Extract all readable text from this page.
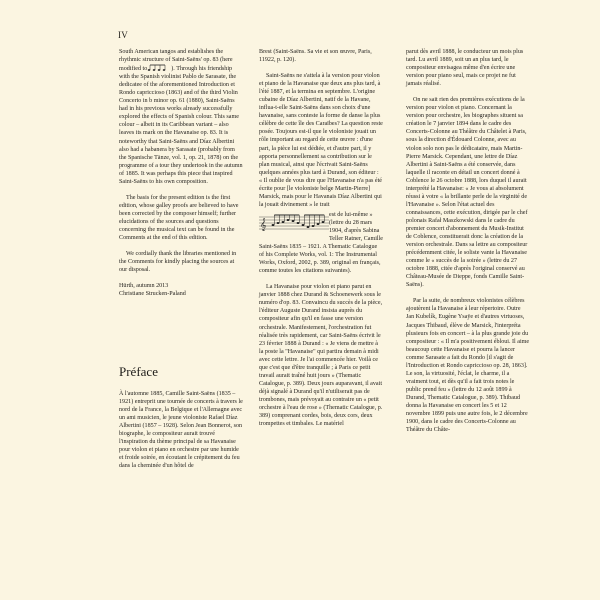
IV

South American tangos and establishes the rhythmic structure of Saint-Saëns' op. 83 (here modified to	). Through his friendship with the Spanish violinist Pablo de Sarasate, the dedicatee of the aforementioned Introduction et Rondo capriccioso (1863) and of the third Violin Concerto in b minor op. 61 (1880), Saint-Saëns had in his previous works already successfully explored the effects of Spanish colour. This same colour – albeit in its Caribbean variant – also leaves its mark on the Havanaise op. 83. It is noteworthy that Saint-Saëns and Díaz Albertini also had a habanera by Sarasate (probably from the Spanische Tänze, vol. 1, op. 21, 1878) on the programme of a tour they undertook in the autumn of 1885. It was perhaps this piece that inspired Saint-Saëns to his own composition.

The basis for the present edition is the first edition, whose galley proofs are believed to have been corrected by the composer himself; further elucidations of the sources and questions concerning the musical text can be found in the Comments at the end of this edition.

We cordially thank the libraries mentioned in the Comments for kindly placing the sources at our disposal.

Hürth, autumn 2013

Christiane Strucken-Paland

Préface

À l'automne 1885, Camille Saint-Saëns (1835 – 1921) entreprit une tournée de concerts à travers le nord de la France, la Belgique et l'Allemagne avec un ami musicien, le jeune violoniste Rafael Díaz Albertini (1857 – 1928). Selon Jean Bonnerot, son biographe, le compositeur aurait trouvé l'inspiration du thème principal de sa Havanaise pour violon et piano en orchestre par une humide et froide soirée, en écoutant le crépitement du feu dans la cheminée d'un hôtel de

Brest (Saint-Saëns. Sa vie et son œuvre, Paris, 11922, p. 120).

Saint-Saëns ne s'attela à la version pour violon et piano de la Havanaise que deux ans plus tard, à l'été 1887, et la termina en septembre. L'origine cubaine de Díaz Albertini, natif de la Havane, influa-t-elle Saint-Saëns dans son choix d'une havanaise, sans conteste la forme de danse la plus célèbre de cette île des Caraïbes? La question reste posée. Toujours est-il que le violoniste jouait un rôle important au regard de cette œuvre : d'une part, la pièce lui est dédiée, et d'autre part, il y apporta personnellement sa contribution sur le plan musical, ainsi que l'écrivait Saint-Saëns quelques années plus tard à Durand, son éditeur : « Il oublie de vous dire que l'Havanaise n'a pas été écrite pour [le violoniste belge Martin-Pierre] Marsick, mais pour le Havanais Díaz Albertini qui la jouait divinement » le trait

𝄞

est de lui-même » (lettre du 28 mars 1904, d'après Sabina Teller Ratner, Camille Saint-Saëns 1835 – 1921. A Thematic Catalogue of his Complete Works, vol. 1: The Instrumental Works, Oxford, 2002, p. 389, original en français, comme toutes les citations suivantes).

La Havanaise pour violon et piano parut en janvier 1888 chez Durand & Schoenewerk sous le numéro d'op. 83. Convaincu du succès de la pièce, l'éditeur Auguste Durand insista auprès du compositeur afin qu'il en fasse une version orchestrale. Manifestement, l'orchestration fut réalisée très rapidement, car Saint-Saëns écrivit le 23 février 1888 à Durand : « Je viens de mettre à la poste la "Havanaise" qui partira demain à midi avec cette lettre. Je l'ai commencée hier. Voilà ce que c'est que d'être tranquille ; à Paris ce petit travail aurait traîné huit jours » (Thematic Catalogue, p. 389). Deux jours auparavant, il avait déjà signalé à Durand qu'il n'utiliserait pas de trombones, mais prévoyait au contraire un « petit orchestre à l'eau de rose » (Thematic Catalogue, p. 389) comprenant cordes, bois, deux cors, deux trompettes et timbales. Le matériel

parut dès avril 1888, le conducteur un mois plus tard. Lu avril 1889, soit un an plus tard, le compositeur envisagea même d'en écrire une version pour piano seul, mais ce projet ne fut jamais réalisé.

On ne sait rien des premières exécutions de la version pour violon et piano. Concernant la version pour orchestre, les biographes situent sa création le 7 janvier 1894 dans le cadre des Concerts-Colonne au Théâtre du Châtelet à Paris, sous la direction d'Édouard Colonne, avec au violon solo non pas le dédicataire, mais Martin-Pierre Marsick. Cependant, une lettre de Díaz Albertini à Saint-Saëns a été conservée, dans laquelle il raconte en détail un concert donné à Coblence le 26 octobre 1888, lors duquel il aurait interprété la Havanaise: « Je vous ai absolument réussi à votre « la brillante perle de la virginité de l'Havanaise ». Selon l'état actuel des connaissances, cette exécution, dirigée par le chef polonais Rafał Maszkowski dans le cadre du premier concert d'abonnement du Musik-Institut de Coblence, constituerait donc la création de la version orchestrale. Dans sa lettre au compositeur précédemment citée, le soliste vante la Havanaise comme le « succès de la soirée » (lettre du 27 octobre 1888, citée d'après l'original conservé au Château-Musée de Dieppe, fonds Camille Saint-Saëns).

Par la suite, de nombreux violonistes célèbres ajoutèrent la Havanaise à leur répertoire. Outre Jan Kubelík, Eugène Ysaÿe et d'autres virtuoses, Jacques Thibaud, élève de Marsick, l'interpréta plusieurs fois en concert – à la plus grande joie du compositeur : « Il m'a positivement ébloui. Il aime beaucoup cette Havanaise et pourra la lancer comme Sarasate a fait du Rondo [il s'agit de l'Introduction et Rondo capriccioso op. 28, 1863]. Le son, la virtuosité, l'éclat, le charme, il a vraiment tout, et dès qu'il a fait trois notes le public prend feu » (lettre du 12 août 1899 à Durand, Thematic Catalogue, p. 389). Thibaud donna la Havanaise en concert les 5 et 12 novembre 1899 puis une autre fois, le 2 décembre 1900, dans le cadre des Concerts-Colonne au Théâtre du Châte-
